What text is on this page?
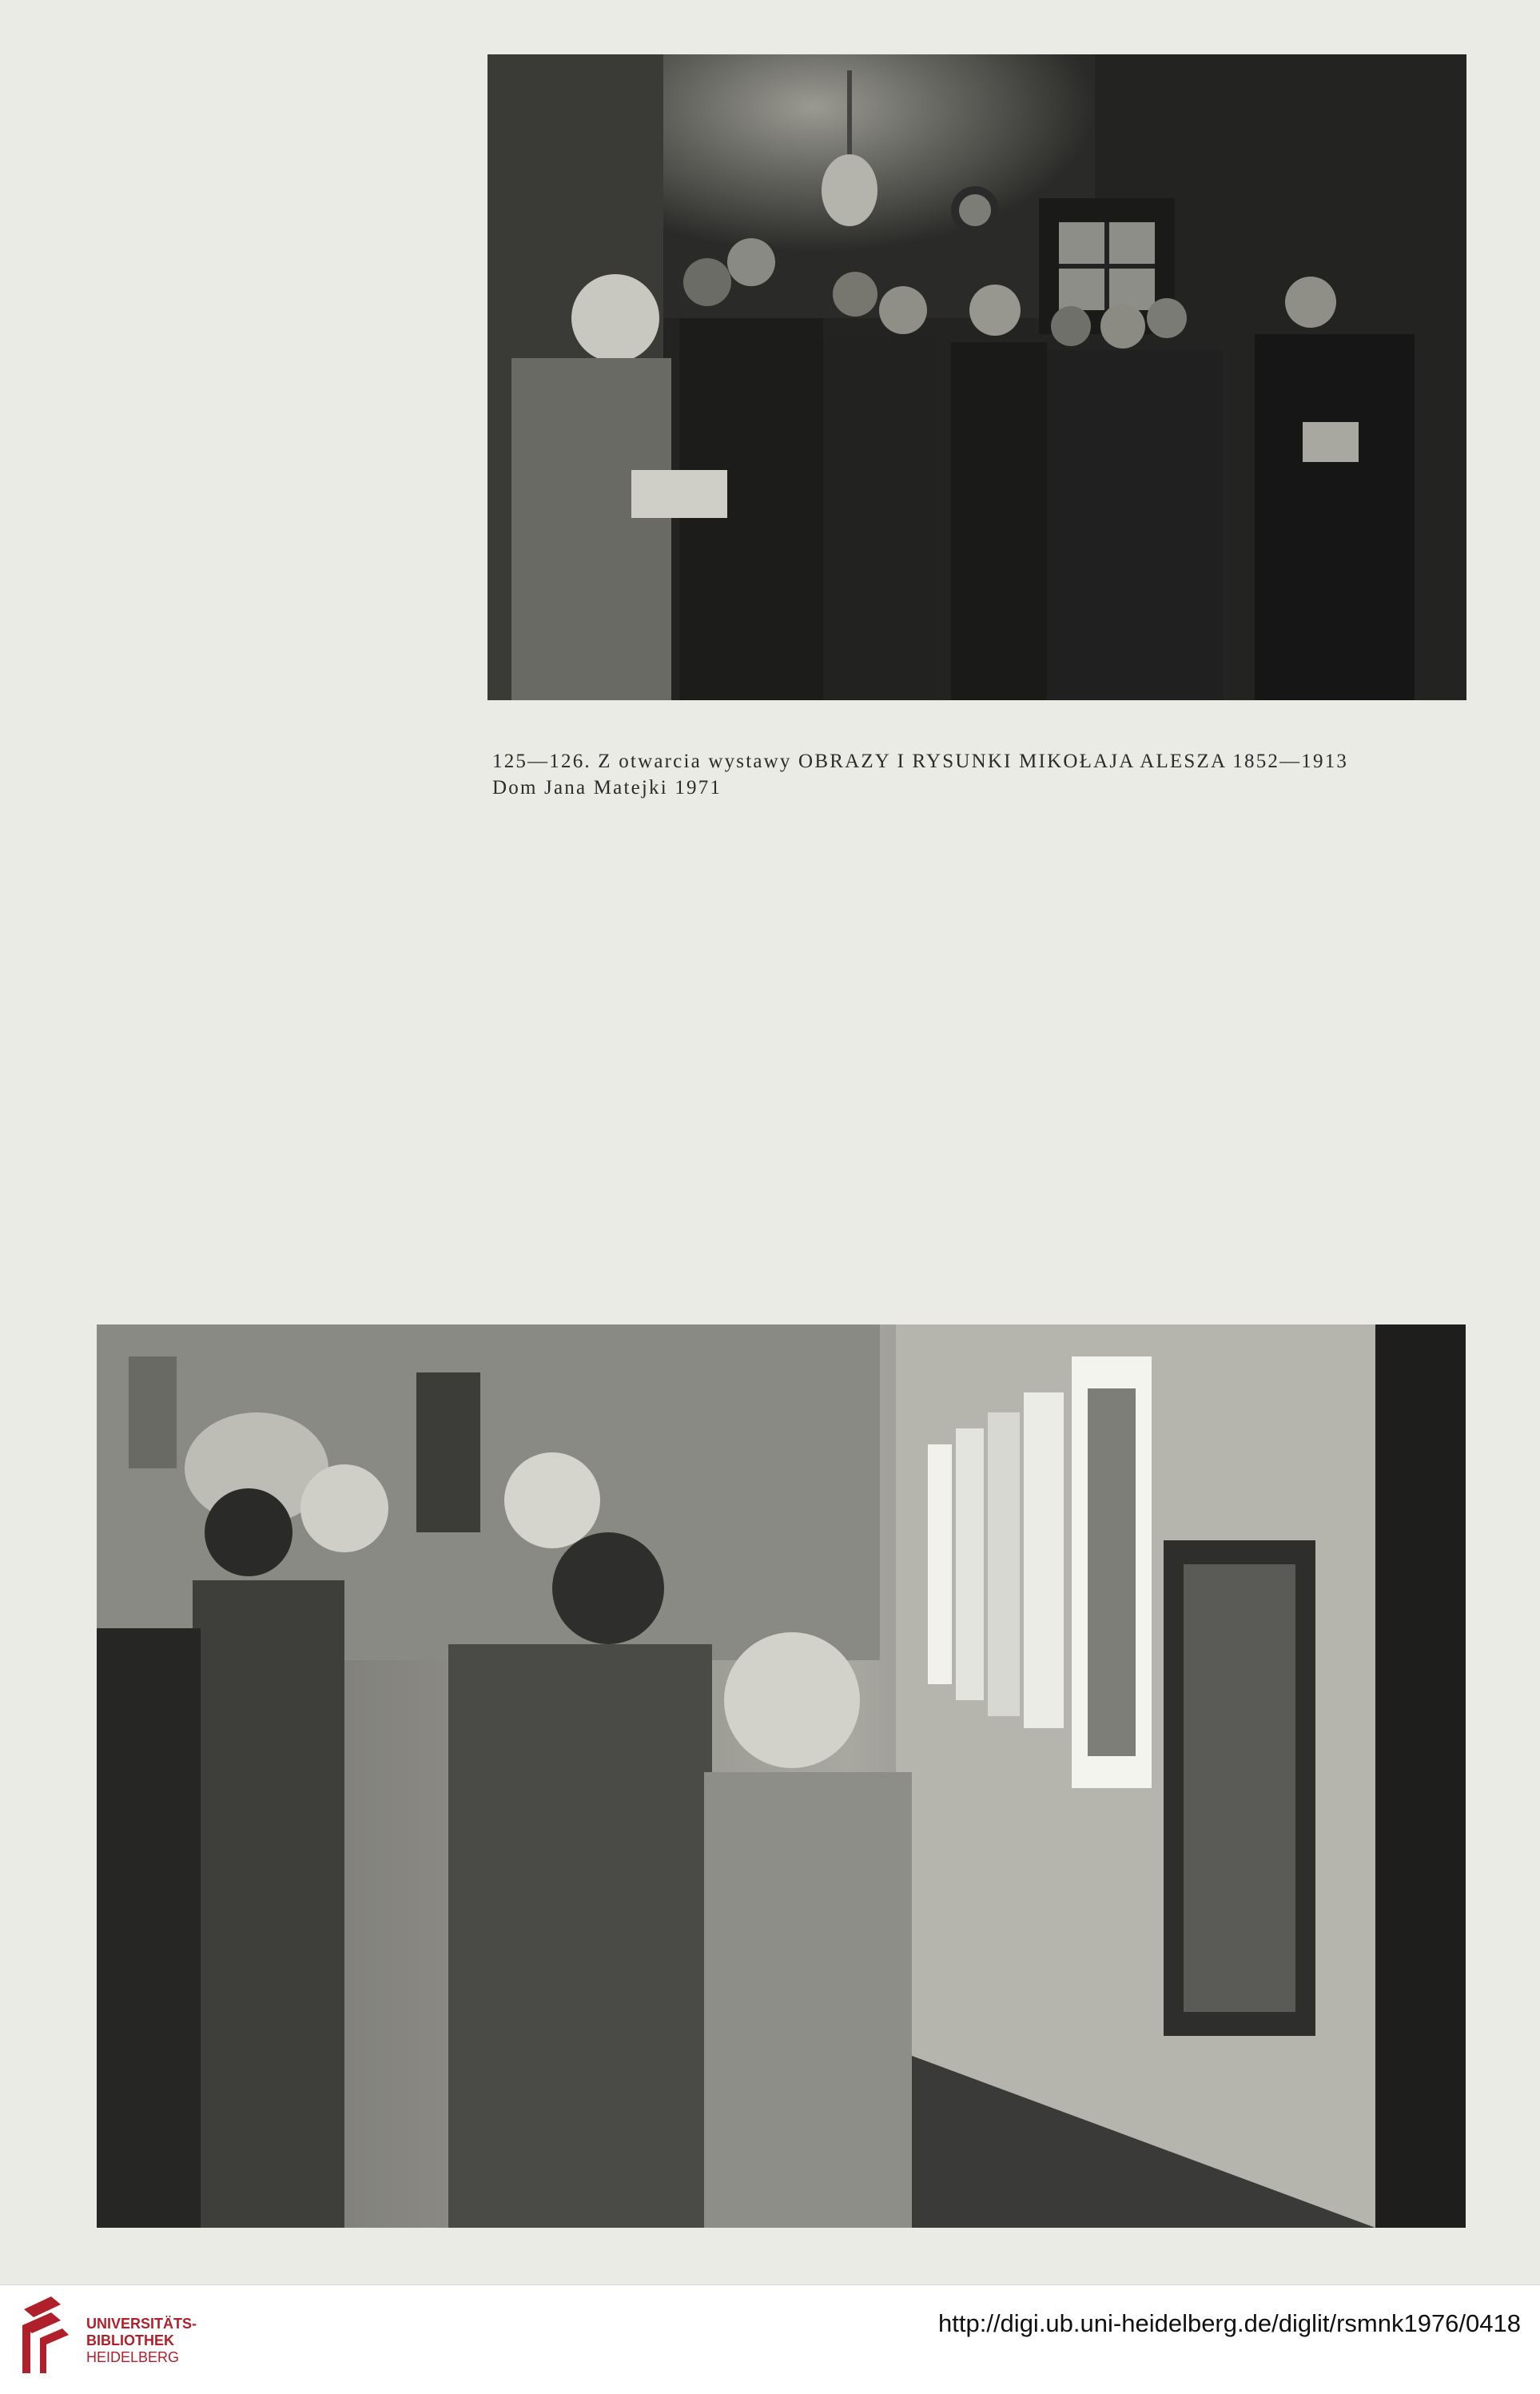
125—126. Z otwarcia wystawy OBRAZY I RYSUNKI MIKOŁAJA ALESZA 1852—1913
Dom Jana Matejki 1971
UNIVERSITÄTS-
BIBLIOTHEK
HEIDELBERG
http://digi.ub.uni-heidelberg.de/diglit/rsmnk1976/0418
